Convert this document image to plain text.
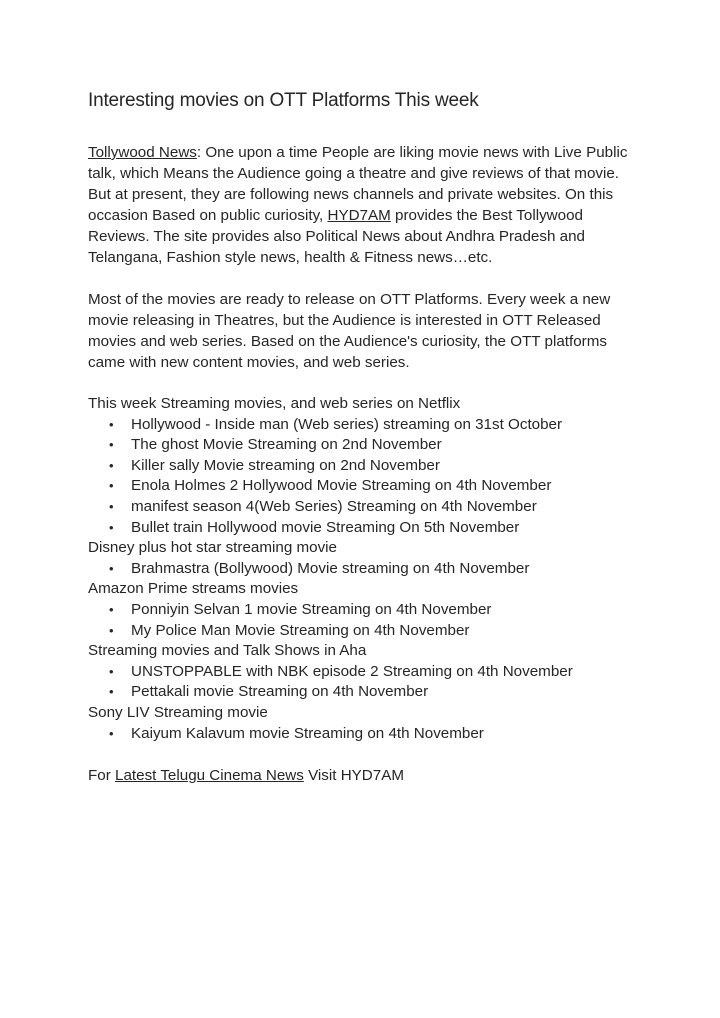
Interesting movies on OTT Platforms This week

Tollywood News: One upon a time People are liking movie news with Live Public talk, which Means the Audience going a theatre and give reviews of that movie. But at present, they are following news channels and private websites. On this occasion Based on public curiosity, HYD7AM provides the Best Tollywood Reviews. The site provides also Political News about Andhra Pradesh and Telangana, Fashion style news, health & Fitness news…etc.

Most of the movies are ready to release on OTT Platforms. Every week a new movie releasing in Theatres, but the Audience is interested in OTT Released movies and web series. Based on the Audience's curiosity, the OTT platforms came with new content movies, and web series.

This week Streaming movies, and web series on Netflix
• Hollywood - Inside man (Web series) streaming on 31st October
• The ghost Movie Streaming on 2nd November
• Killer sally Movie streaming on 2nd November
• Enola Holmes 2 Hollywood Movie Streaming on 4th November
• manifest season 4(Web Series) Streaming on 4th November
• Bullet train Hollywood movie Streaming On 5th November
Disney plus hot star streaming movie
• Brahmastra (Bollywood) Movie streaming on 4th November
Amazon Prime streams movies
• Ponniyin Selvan 1 movie Streaming on 4th November
• My Police Man Movie Streaming on 4th November
Streaming movies and Talk Shows in Aha
• UNSTOPPABLE with NBK episode 2 Streaming on 4th November
• Pettakali movie Streaming on 4th November
Sony LIV Streaming movie
• Kaiyum Kalavum movie Streaming on 4th November

For Latest Telugu Cinema News Visit HYD7AM
